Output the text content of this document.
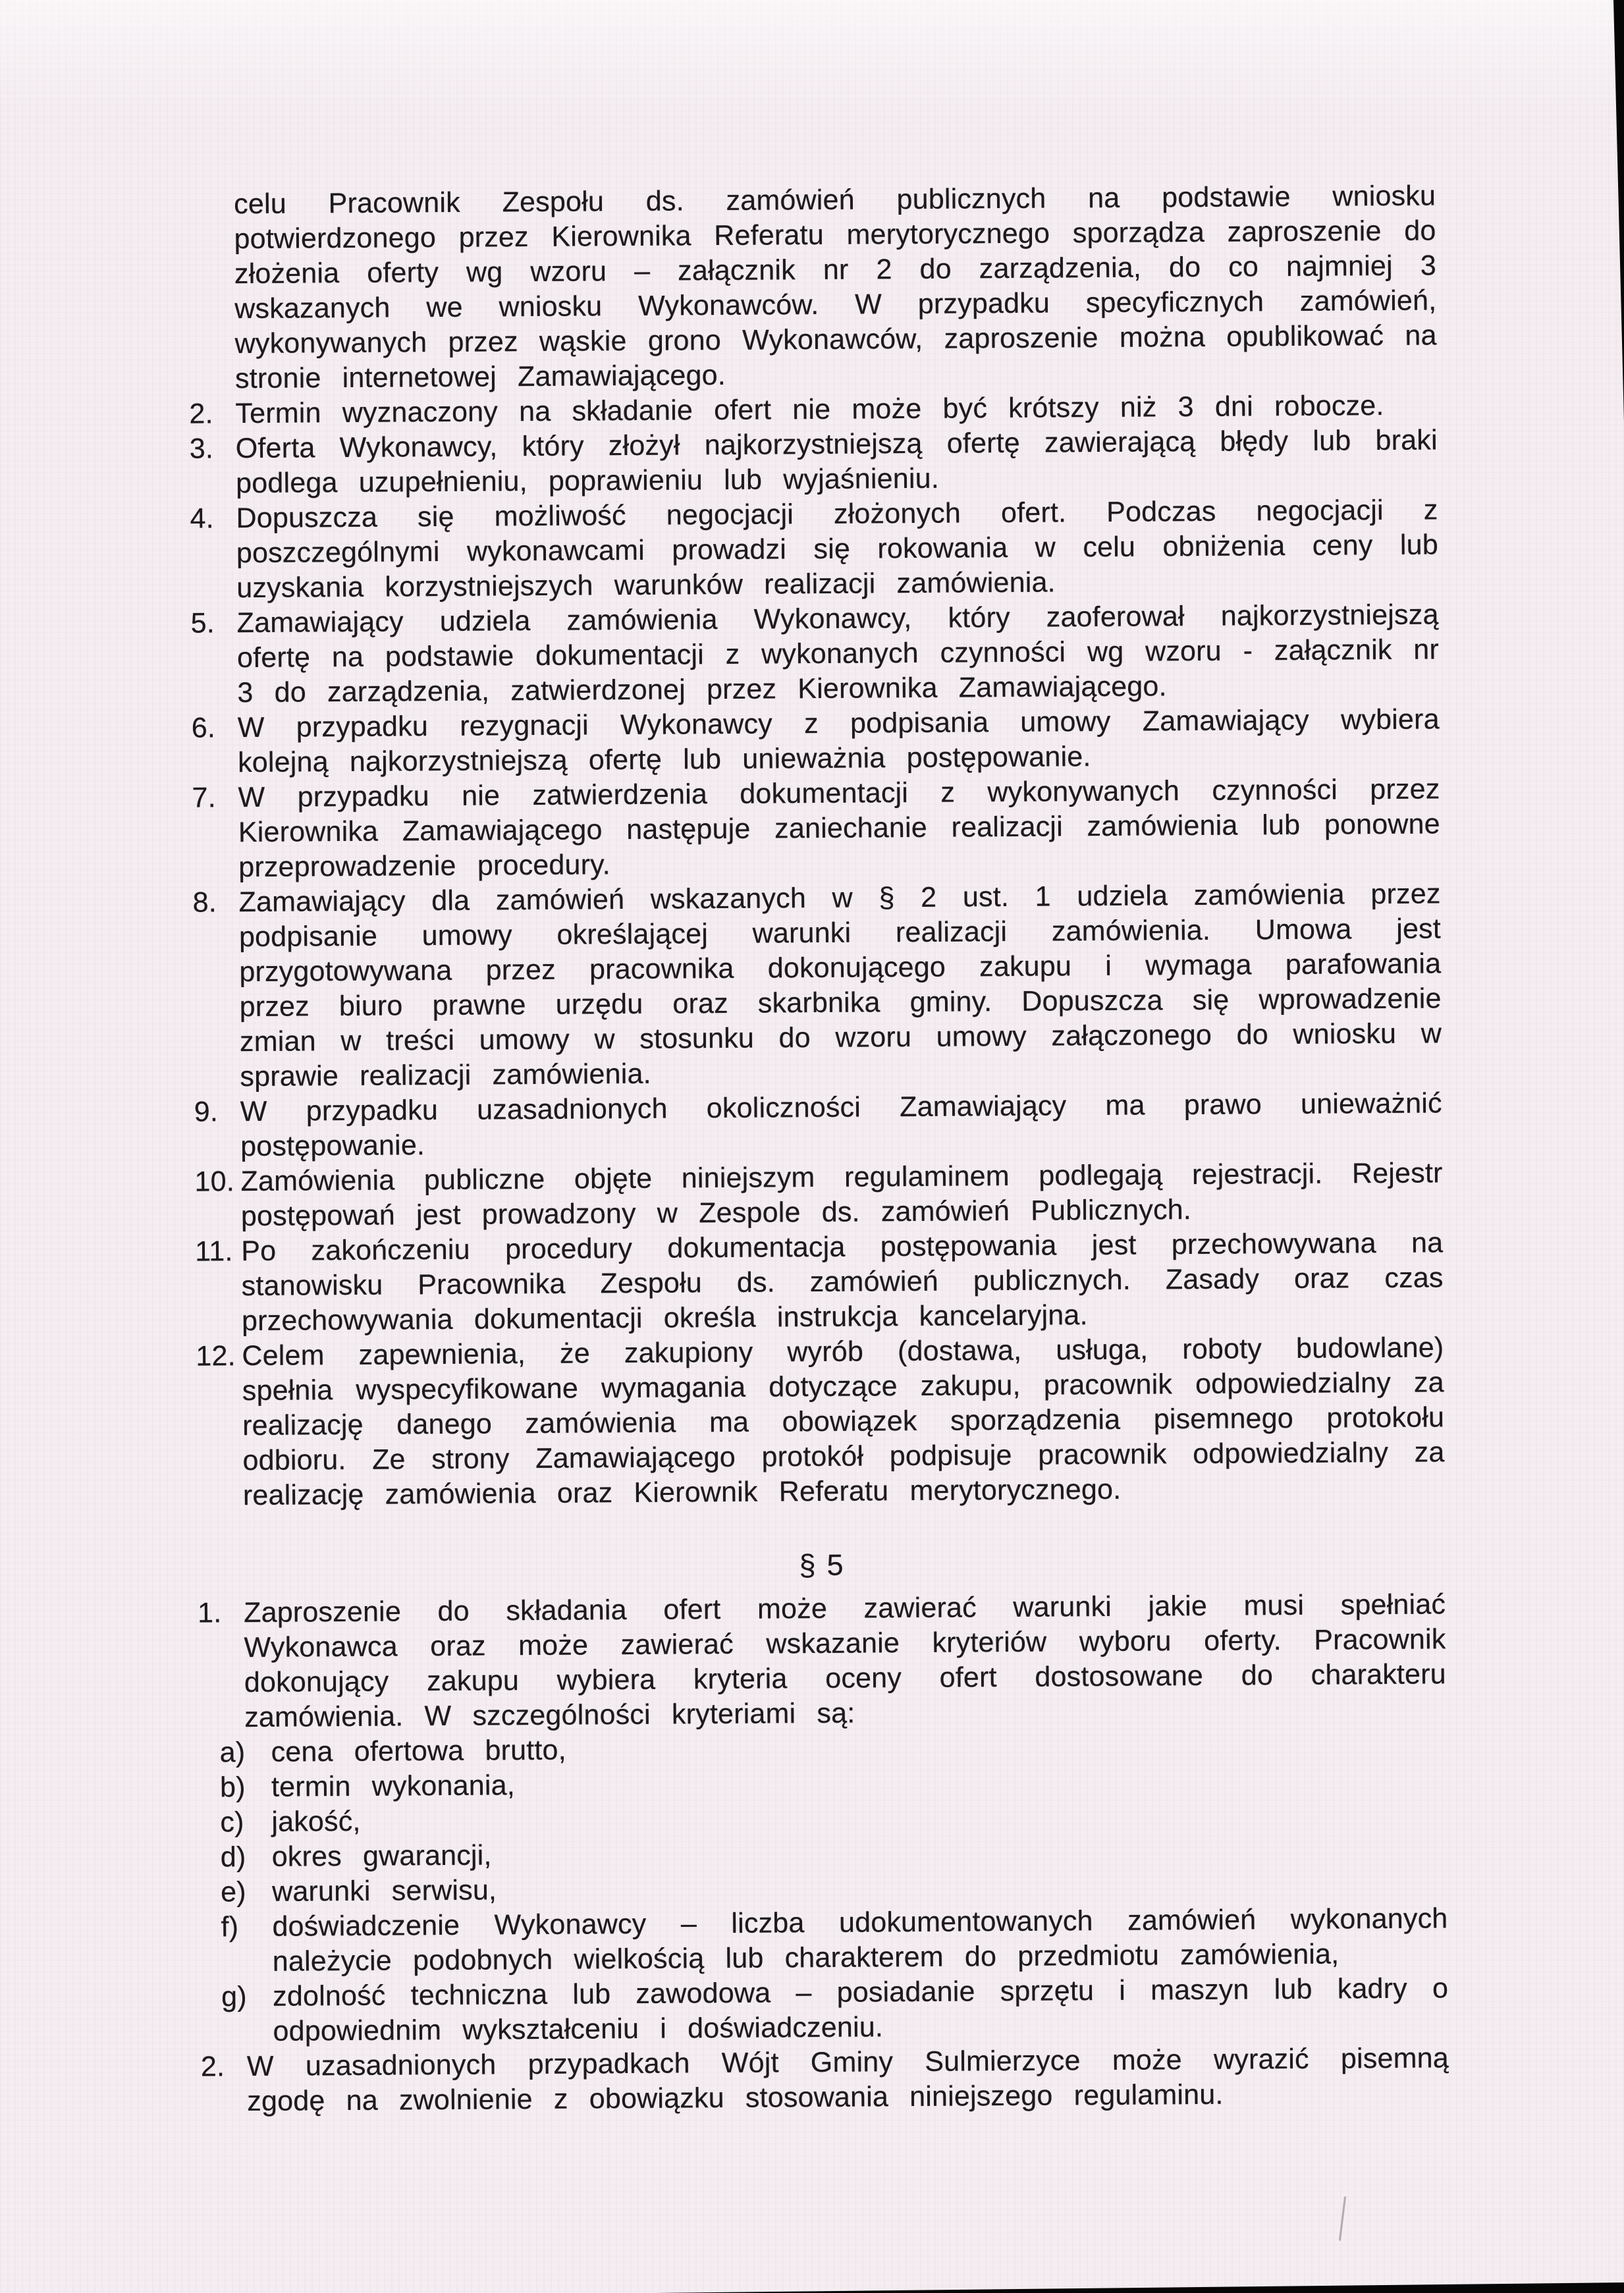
celu Pracownik Zespołu ds. zamówień publicznych na podstawie wniosku potwierdzonego przez Kierownika Referatu merytorycznego sporządza zaproszenie do złożenia oferty wg wzoru – załącznik nr 2 do zarządzenia, do co najmniej 3 wskazanych we wniosku Wykonawców. W przypadku specyficznych zamówień, wykonywanych przez wąskie grono Wykonawców, zaproszenie można opublikować na stronie internetowej Zamawiającego.

2. Termin wyznaczony na składanie ofert nie może być krótszy niż 3 dni robocze.
3. Oferta Wykonawcy, który złożył najkorzystniejszą ofertę zawierającą błędy lub braki podlega uzupełnieniu, poprawieniu lub wyjaśnieniu.
4. Dopuszcza się możliwość negocjacji złożonych ofert. Podczas negocjacji z poszczególnymi wykonawcami prowadzi się rokowania w celu obniżenia ceny lub uzyskania korzystniejszych warunków realizacji zamówienia.
5. Zamawiający udziela zamówienia Wykonawcy, który zaoferował najkorzystniejszą ofertę na podstawie dokumentacji z wykonanych czynności wg wzoru - załącznik nr 3 do zarządzenia, zatwierdzonej przez Kierownika Zamawiającego.
6. W przypadku rezygnacji Wykonawcy z podpisania umowy Zamawiający wybiera kolejną najkorzystniejszą ofertę lub unieważnia postępowanie.
7. W przypadku nie zatwierdzenia dokumentacji z wykonywanych czynności przez Kierownika Zamawiającego następuje zaniechanie realizacji zamówienia lub ponowne przeprowadzenie procedury.
8. Zamawiający dla zamówień wskazanych w § 2 ust. 1 udziela zamówienia przez podpisanie umowy określającej warunki realizacji zamówienia. Umowa jest przygotowywana przez pracownika dokonującego zakupu i wymaga parafowania przez biuro prawne urzędu oraz skarbnika gminy. Dopuszcza się wprowadzenie zmian w treści umowy w stosunku do wzoru umowy załączonego do wniosku w sprawie realizacji zamówienia.
9. W przypadku uzasadnionych okoliczności Zamawiający ma prawo unieważnić postępowanie.
10. Zamówienia publiczne objęte niniejszym regulaminem podlegają rejestracji. Rejestr postępowań jest prowadzony w Zespole ds. zamówień Publicznych.
11. Po zakończeniu procedury dokumentacja postępowania jest przechowywana na stanowisku Pracownika Zespołu ds. zamówień publicznych. Zasady oraz czas przechowywania dokumentacji określa instrukcja kancelaryjna.
12. Celem zapewnienia, że zakupiony wyrób (dostawa, usługa, roboty budowlane) spełnia wyspecyfikowane wymagania dotyczące zakupu, pracownik odpowiedzialny za realizację danego zamówienia ma obowiązek sporządzenia pisemnego protokołu odbioru. Ze strony Zamawiającego protokół podpisuje pracownik odpowiedzialny za realizację zamówienia oraz Kierownik Referatu merytorycznego.
§ 5
1. Zaproszenie do składania ofert może zawierać warunki jakie musi spełniać Wykonawca oraz może zawierać wskazanie kryteriów wyboru oferty. Pracownik dokonujący zakupu wybiera kryteria oceny ofert dostosowane do charakteru zamówienia. W szczególności kryteriami są:
a) cena ofertowa brutto,
b) termin wykonania,
c) jakość,
d) okres gwarancji,
e) warunki serwisu,
f)	doświadczenie Wykonawcy – liczba udokumentowanych zamówień wykonanych należycie podobnych wielkością lub charakterem do przedmiotu zamówienia,
g) zdolność techniczna lub zawodowa – posiadanie sprzętu i maszyn lub kadry o odpowiednim wykształceniu i doświadczeniu.
2. W uzasadnionych przypadkach Wójt Gminy Sulmierzyce może wyrazić pisemną zgodę na zwolnienie z obowiązku stosowania niniejszego regulaminu.
